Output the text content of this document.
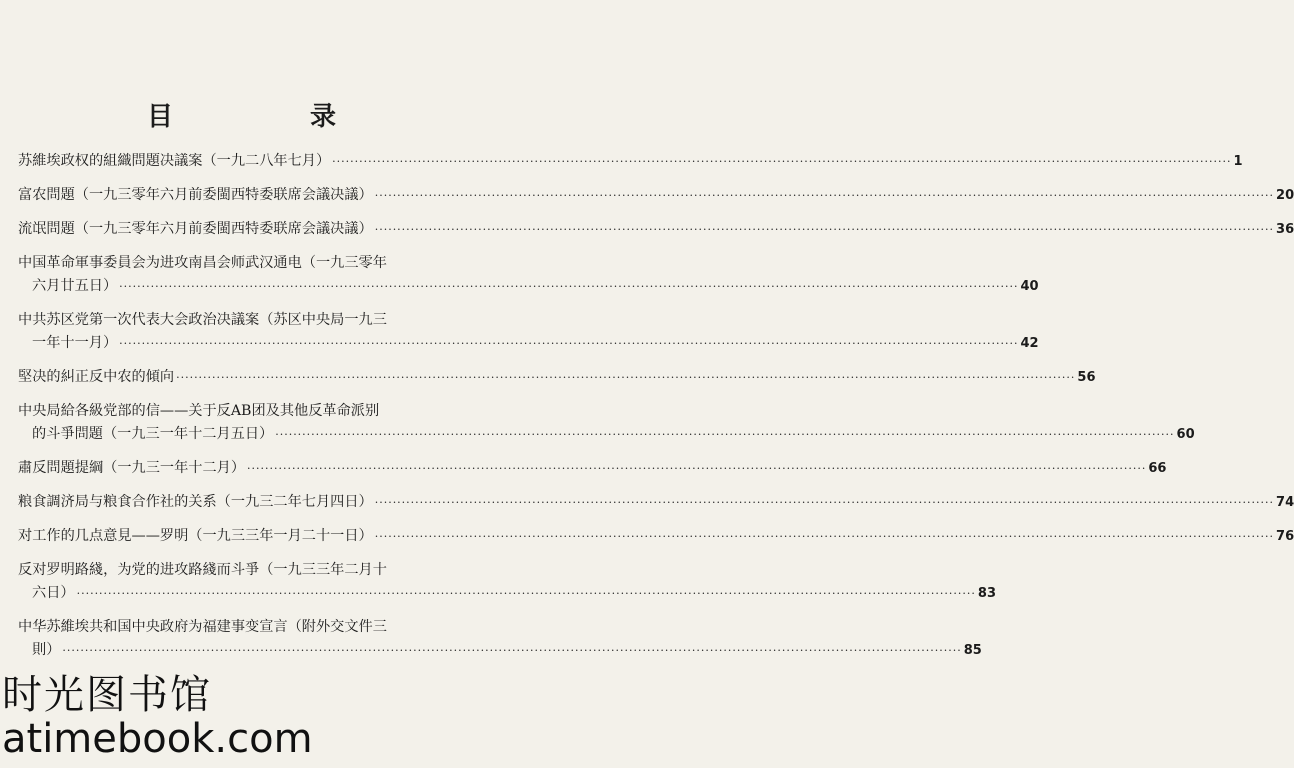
目 录
苏維埃政权的組織問題决議案（一九二八年七月） ········································································································································································································ 1
富农問題（一九三零年六月前委閩西特委联席会議决議） ········································································································································································································ 20
流氓問題（一九三零年六月前委閩西特委联席会議决議） ········································································································································································································ 36
中国革命軍事委員会为进攻南昌会师武汉通电（一九三零年
六月廿五日） ········································································································································································································ 40
中共苏区党第一次代表大会政治决議案（苏区中央局一九三
一年十一月） ········································································································································································································ 42
堅决的糾正反中农的傾向 ········································································································································································································ 56
中央局給各級党部的信——关于反AB团及其他反革命派别
的斗爭問題（一九三一年十二月五日） ········································································································································································································ 60
肅反問題提綱（一九三一年十二月） ········································································································································································································ 66
粮食調济局与粮食合作社的关系（一九三二年七月四日） ········································································································································································································ 74
对工作的几点意見——罗明（一九三三年一月二十一日） ········································································································································································································ 76
反对罗明路綫，为党的进攻路綫而斗爭（一九三三年二月十
六日） ········································································································································································································ 83
中华苏維埃共和国中央政府为福建事变宣言（附外交文件三
則） ········································································································································································································ 85
时光图书馆
atimebook.com
